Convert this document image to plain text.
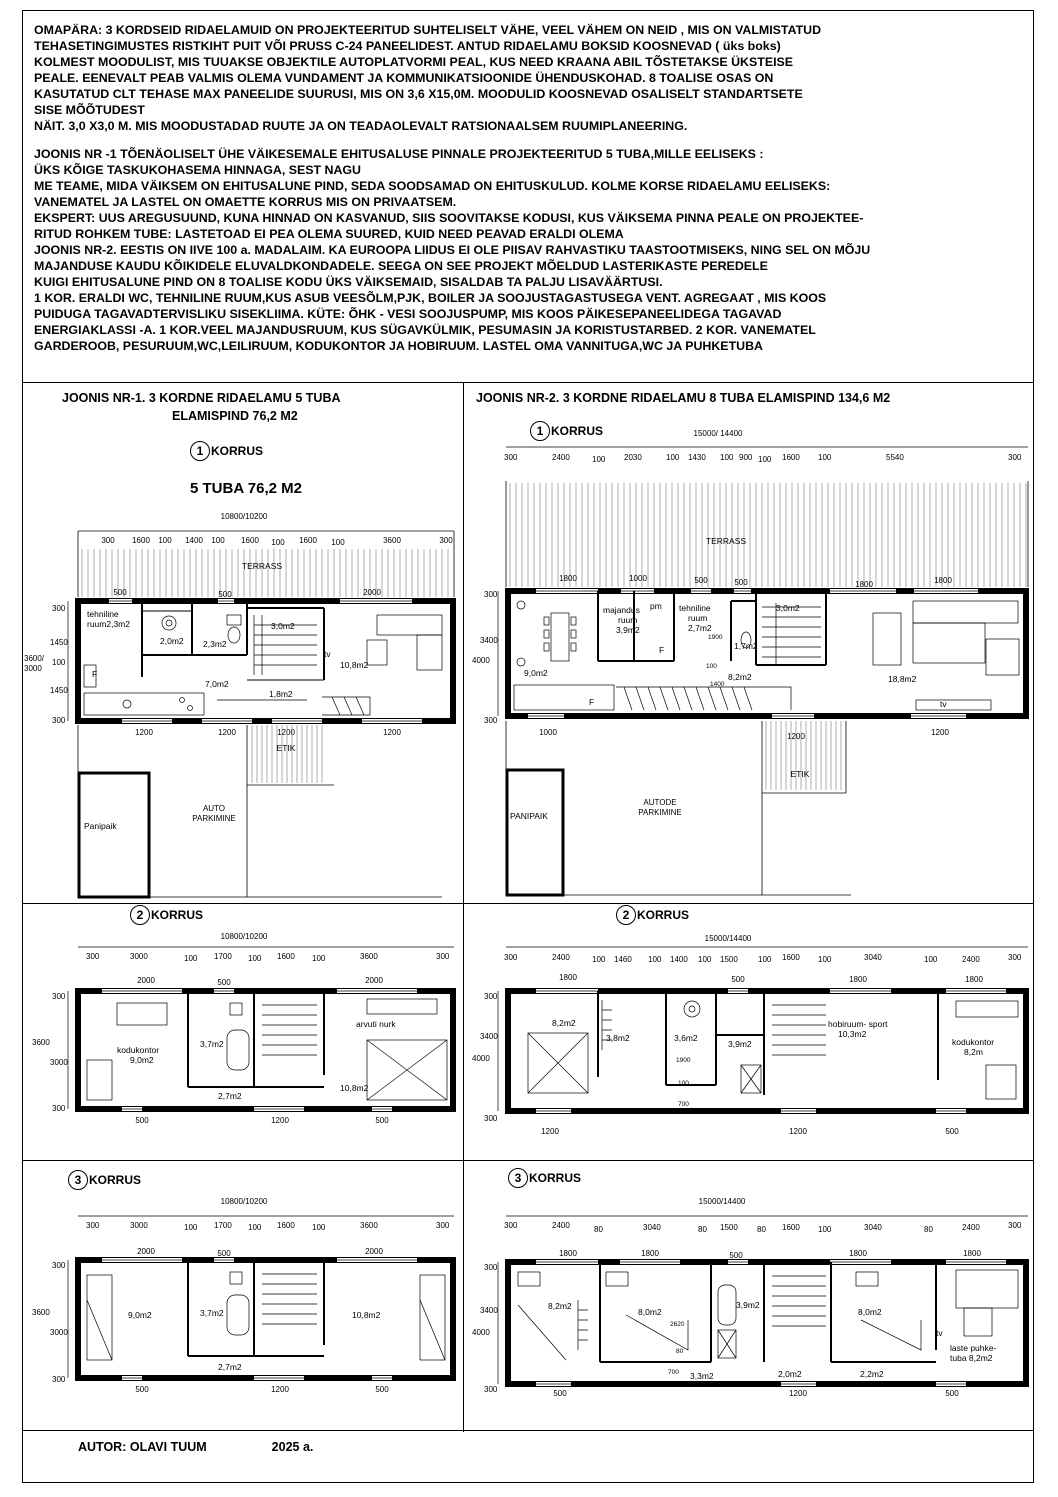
OMAPÄRA: 3 KORDSEID RIDAELAMUID ON PROJEKTEERITUD SUHTELISELT VÄHE, VEEL VÄHEM ON NEID , MIS ON VALMISTATUD

TEHASETINGIMUSTES RISTKIHT PUIT VÕI PRUSS C-24 PANEELIDEST. ANTUD RIDAELAMU BOKSID KOOSNEVAD ( üks boks)

KOLMEST MOODULIST, MIS TUUAKSE OBJEKTILE AUTOPLATVORMI PEAL, KUS NEED KRAANA ABIL TÕSTETAKSE ÜKSTEISE

PEALE. EENEVALT PEAB VALMIS OLEMA VUNDAMENT JA KOMMUNIKATSIOONIDE ÜHENDUSKOHAD. 8 TOALISE OSAS ON

KASUTATUD CLT TEHASE MAX PANEELIDE SUURUSI, MIS ON 3,6 X15,0M. MOODULID KOOSNEVAD OSALISELT STANDARTSETE

SISE MÕÕTUDEST

NÄIT. 3,0 X3,0 M. MIS MOODUSTADAD RUUTE JA ON TEADAOLEVALT RATSIONAALSEM RUUMIPLANEERING.

JOONIS NR -1 TÕENÄOLISELT ÜHE VÄIKESEMALE EHITUSALUSE PINNALE PROJEKTEERITUD 5 TUBA,MILLE EELISEKS :

ÜKS KÕIGE TASKUKOHASEMA HINNAGA, SEST NAGU

ME TEAME, MIDA VÄIKSEM ON EHITUSALUNE PIND, SEDA SOODSAMAD ON EHITUSKULUD. KOLME KORSE RIDAELAMU EELISEKS:

VANEMATEL JA LASTEL ON OMAETTE KORRUS MIS ON PRIVAATSEM.

EKSPERT: UUS AREGUSUUND, KUNA HINNAD ON KASVANUD, SIIS SOOVITAKSE KODUSI, KUS VÄIKSEMA PINNA PEALE ON PROJEKTEE-

RITUD ROHKEM TUBE: LASTETOAD EI PEA OLEMA SUURED, KUID NEED PEAVAD ERALDI OLEMA

JOONIS NR-2. EESTIS ON IIVE 100 a. MADALAIM. KA EUROOPA LIIDUS EI OLE PIISAV RAHVASTIKU TAASTOOTMISEKS, NING SEL ON MÕJU

MAJANDUSE KAUDU KÕIKIDELE ELUVALDKONDADELE. SEEGA ON SEE PROJEKT MÕELDUD LASTERIKASTE PEREDELE

KUIGI EHITUSALUNE PIND ON 8 TOALISE KODU ÜKS VÄIKSEMAID, SISALDAB TA PALJU LISAVÄÄRTUSI.

1 KOR. ERALDI WC, TEHNILINE RUUM,KUS ASUB VEESÕLM,PJK, BOILER JA SOOJUSTAGASTUSEGA VENT. AGREGAAT , MIS KOOS

PUIDUGA TAGAVADTERVISLIKU SISEKLIIMA. KÜTE: ÕHK - VESI SOOJUSPUMP, MIS KOOS PÄIKESEPANEELIDEGA TAGAVAD

ENERGIAKLASSI -A. 1 KOR.VEEL MAJANDUSRUUM, KUS SÜGAVKÜLMIK, PESUMASIN JA KORISTUSTARBED. 2 KOR. VANEMATEL

GARDEROOB, PESURUUM,WC,LEILIRUUM, KODUKONTOR JA HOBIRUUM. LASTEL OMA VANNITUGA,WC JA PUHKETUBA

JOONIS NR-1. 3 KORDNE RIDAELAMU 5 TUBA
ELAMISPIND 76,2 M2
1 KORRUS
5 TUBA 76,2 M2
2 KORRUS
3 KORRUS
JOONIS NR-2. 3 KORDNE RIDAELAMU 8 TUBA ELAMISPIND 134,6 M2
1 KORRUS
2 KORRUS
3 KORRUS
10800/10200
300 1600 100 1400 100 1600 100 1600 100	3600	300
TERRASS
500	500	2000
tehniline
ruum2,3m2
2,0m2 2,3m2
3,0m2
10,8m2
7,0m2
1,8m2
tv
F
300
1450
100
1450
300
3600/
3000
1200	1200	1200	1200
ETIK
Panipaik
AUTO
PARKIMINE
10800/10200
300	3000	100 1700 100 1600 100	3600	300
2000	500	2000
kodukontor
9,0m2
3,7m2
2,7m2
arvuti nurk
10,8m2
300
3000
300
3600
500	1200	500
10800/10200
300	3000	100 1700 100 1600 100	3600	300
2000	500	2000
9,0m2	3,7m2	10,8m2
2,7m2
300
3000
300
3600
500	1200	500
15000/ 14400
300	2400	100 2030	100 1430 100 900 100 1600 100	5540	300
TERRASS
1800	1000	500	500	1800	1800
majandus
ruum
3,9m2
pm tehniline
ruum
2,7m2
1,7m2
3,0m2
9,0m2	8,2m2	18,8m2
F
F
tv
1900
100
1400
300
3400
300
4000
1000	1200	1200
ETIK
PANIPAIK
AUTODE
PARKIMINE
15000/14400
300	2400	100 1460 100 1400 100 1500	100 1600 100	3040	100	2400	300
1800	500	1800	1800
8,2m2
3,8m2	3,6m2
3,9m2
hobiruum- sport
10,3m2
kodukontor
8,2m
1900
100
700
300
3400
300
4000
1200	1200	500
15000/14400
300	2400	80	3040	80 1500 80 1600 100	3040	80	2400	300
1800	1800	500	1800	1800
8,2m2
8,0m2
3,9m2
8,0m2
3,3m2	2,0m2	2,2m2
laste puhke-
tuba 8,2m2
tv
2620
80
700
300
3400
300
4000
500	1200	500
AUTOR: OLAVI TUUM	2025 a.
